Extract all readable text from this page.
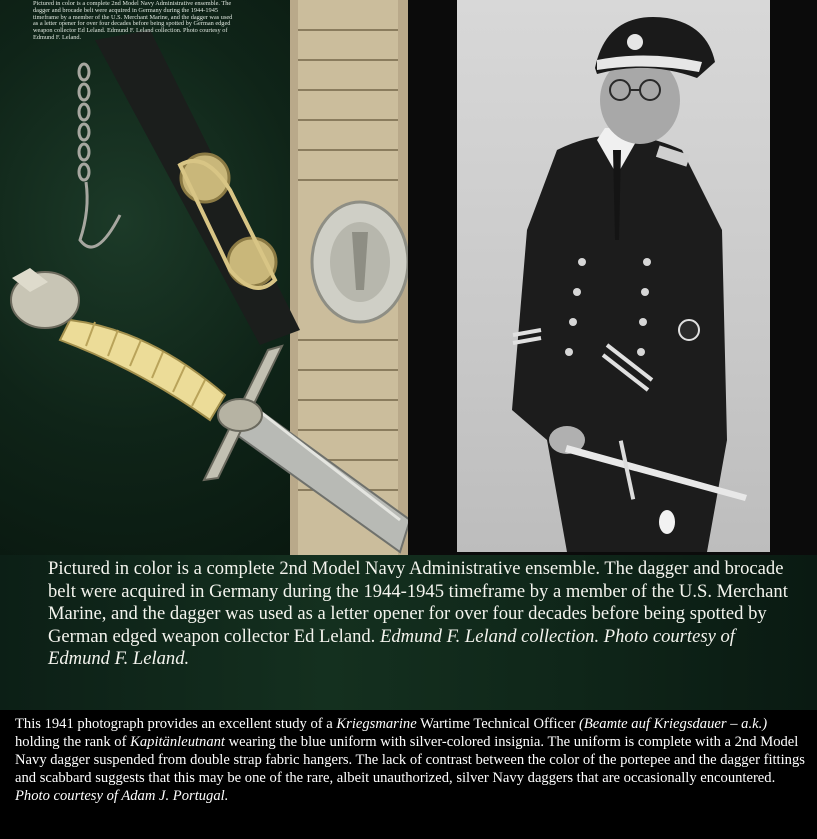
Pictured in color is a complete 2nd Model Navy Administrative ensemble. The dagger and brocade belt were acquired in Germany during the 1944-1945 timeframe by a member of the U.S. Merchant Marine, and the dagger was used as a letter opener for over four decades before being spotted by German edged weapon collector Ed Leland. Edmund F. Leland collection. Photo courtesy of Edmund F. Leland.
Pictured in color is a complete 2nd Model Navy Administrative ensemble. The dagger and brocade belt were acquired in Germany during the 1944-1945 timeframe by a member of the U.S. Merchant Marine, and the dagger was used as a letter opener for over four decades before being spotted by German edged weapon collector Ed Leland. Edmund F. Leland collection. Photo courtesy of Edmund F. Leland.
This 1941 photograph provides an excellent study of a Kriegsmarine Wartime Technical Officer (Beamte auf Kriegsdauer – a.k.) holding the rank of Kapitänleutnant wearing the blue uniform with silver-colored insignia. The uniform is complete with a 2nd Model Navy dagger suspended from double strap fabric hangers. The lack of contrast between the color of the portepee and the dagger fittings and scabbard suggests that this may be one of the rare, albeit unauthorized, silver Navy daggers that are occasionally encountered. Photo courtesy of Adam J. Portugal.
